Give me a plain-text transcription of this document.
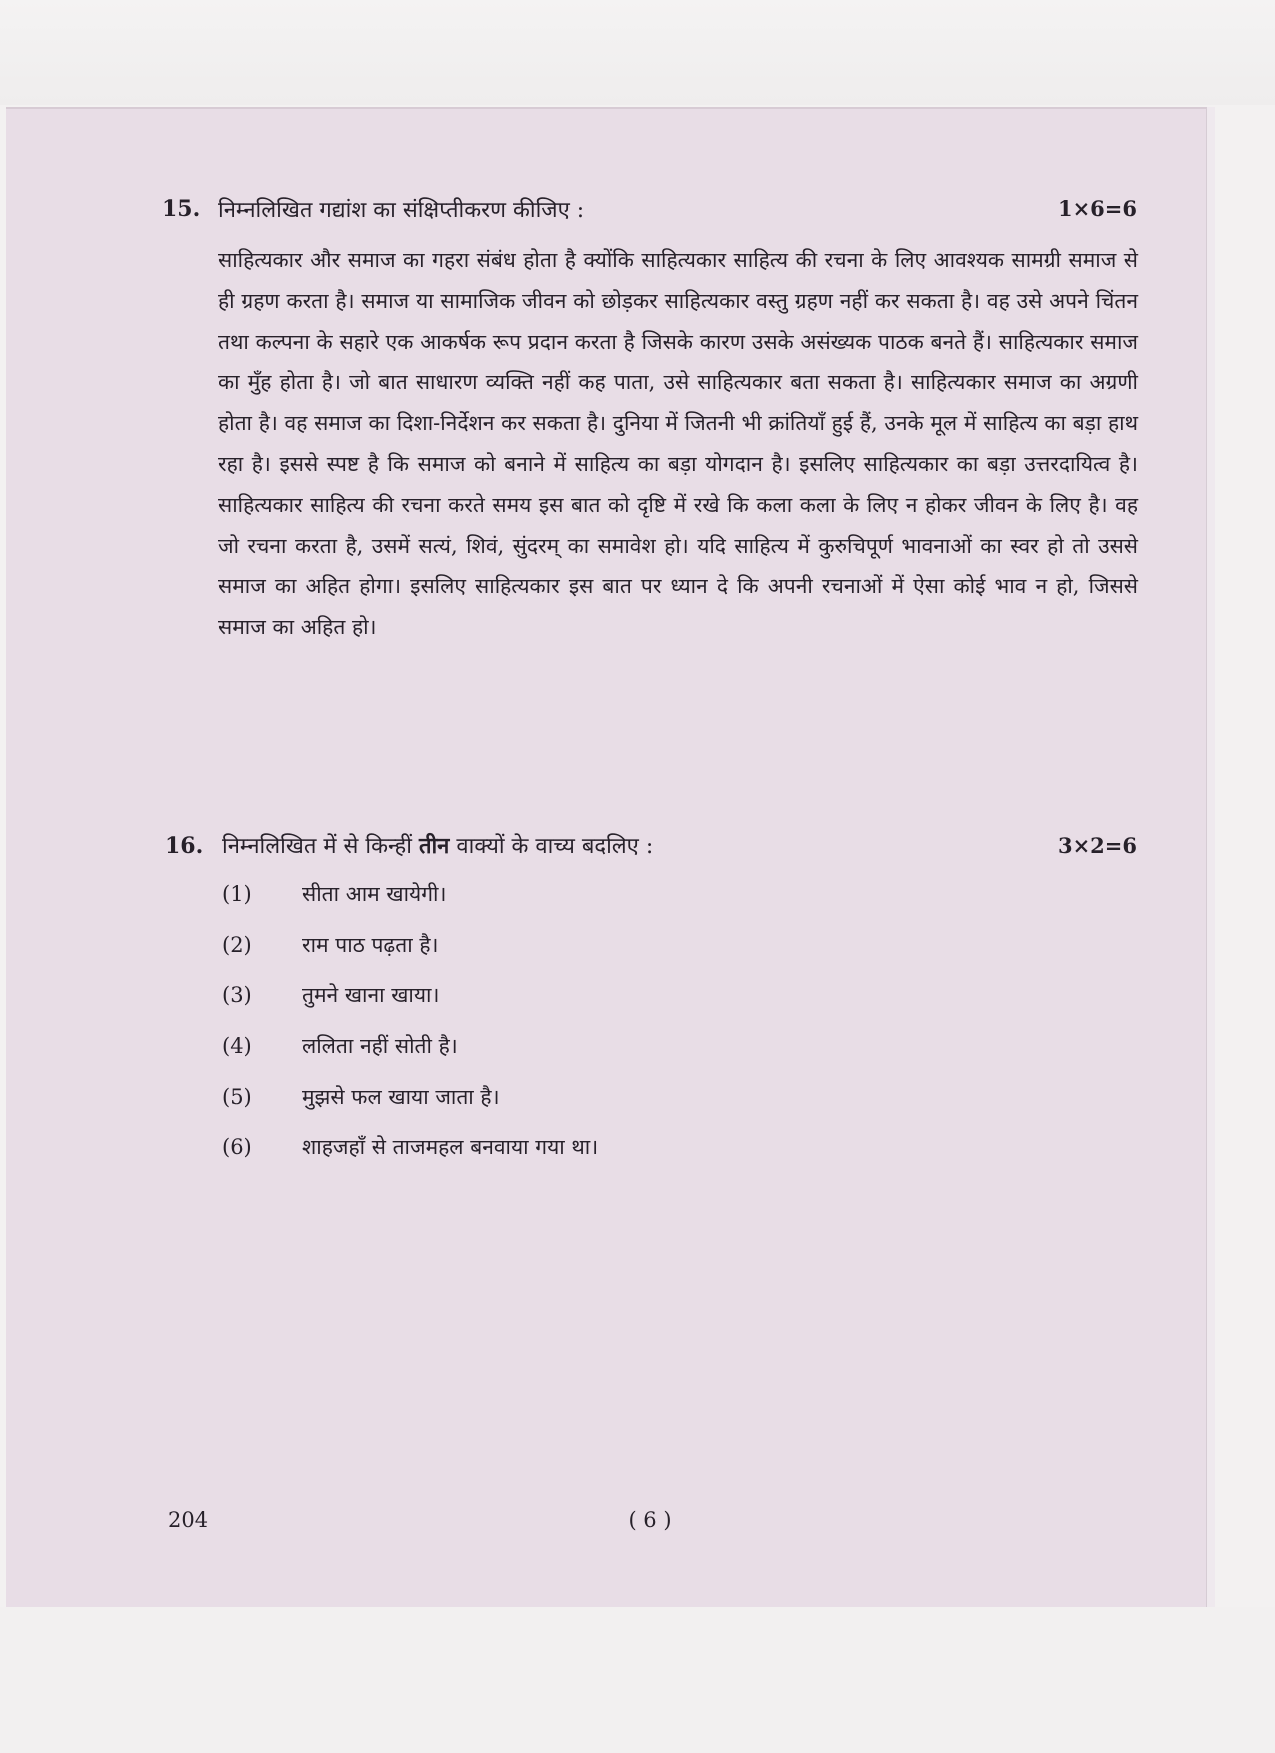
15. निम्नलिखित गद्यांश का संक्षिप्तीकरण कीजिए :	1×6=6
साहित्यकार और समाज का गहरा संबंध होता है क्योंकि साहित्यकार साहित्य की रचना के लिए आवश्यक सामग्री समाज से ही ग्रहण करता है। समाज या सामाजिक जीवन को छोड़कर साहित्यकार वस्तु ग्रहण नहीं कर सकता है। वह उसे अपने चिंतन तथा कल्पना के सहारे एक आकर्षक रूप प्रदान करता है जिसके कारण उसके असंख्यक पाठक बनते हैं। साहित्यकार समाज का मुँह होता है। जो बात साधारण व्यक्ति नहीं कह पाता, उसे साहित्यकार बता सकता है। साहित्यकार समाज का अग्रणी होता है। वह समाज का दिशा-निर्देशन कर सकता है। दुनिया में जितनी भी क्रांतियाँ हुई हैं, उनके मूल में साहित्य का बड़ा हाथ रहा है। इससे स्पष्ट है कि समाज को बनाने में साहित्य का बड़ा योगदान है। इसलिए साहित्यकार का बड़ा उत्तरदायित्व है। साहित्यकार साहित्य की रचना करते समय इस बात को दृष्टि में रखे कि कला कला के लिए न होकर जीवन के लिए है। वह जो रचना करता है, उसमें सत्यं, शिवं, सुंदरम् का समावेश हो। यदि साहित्य में कुरुचिपूर्ण भावनाओं का स्वर हो तो उससे समाज का अहित होगा। इसलिए साहित्यकार इस बात पर ध्यान दे कि अपनी रचनाओं में ऐसा कोई भाव न हो, जिससे समाज का अहित हो।
16. निम्नलिखित में से किन्हीं तीन वाक्यों के वाच्य बदलिए :	3×2=6
(1) सीता आम खायेगी।
(2) राम पाठ पढ़ता है।
(3) तुमने खाना खाया।
(4) ललिता नहीं सोती है।
(5) मुझसे फल खाया जाता है।
(6) शाहजहाँ से ताजमहल बनवाया गया था।
204	( 6 )
